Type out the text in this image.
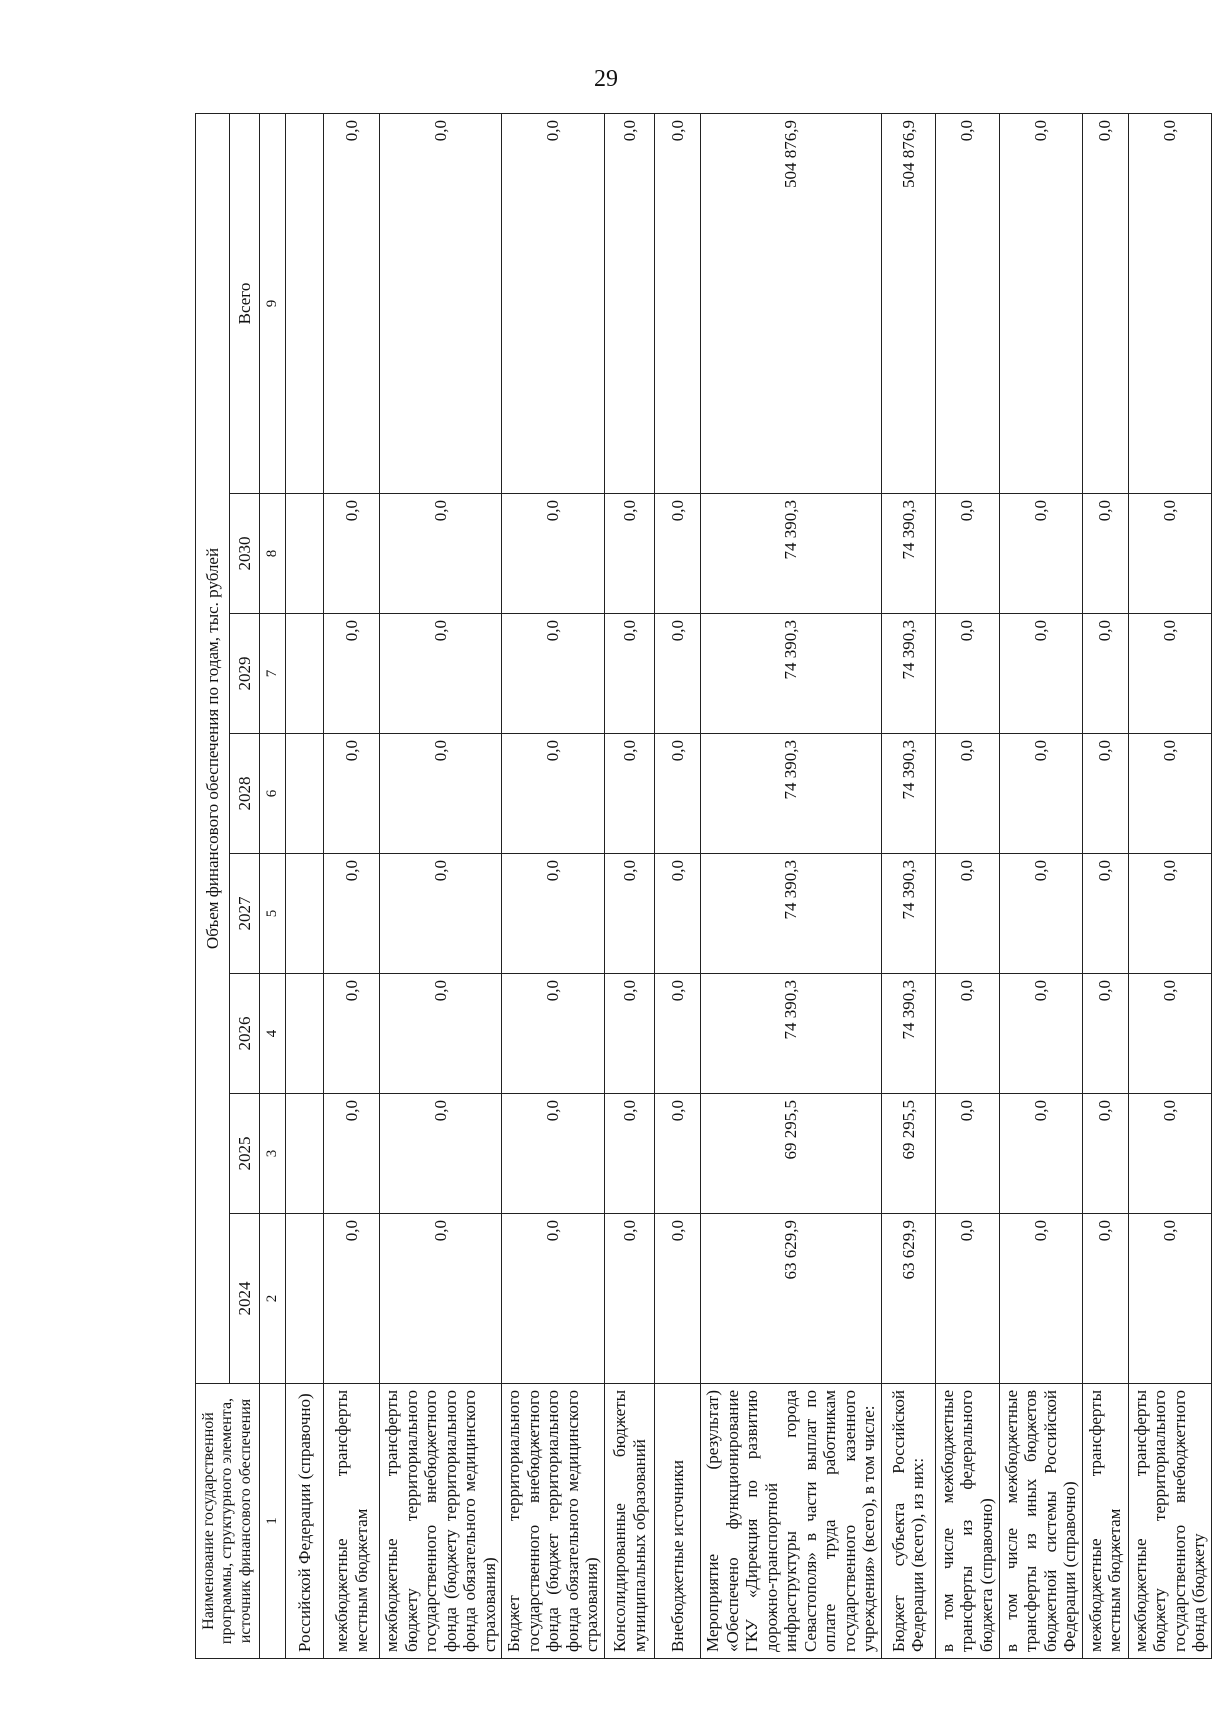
29
Наименование государственной программы, структурного элемента, источник финансового обеспечения	Объем финансового обеспечения по годам, тыс. рублей							
	2024	2025	2026	2027	2028	2029	2030	Всего
1	2	3	4	5	6	7	8	9
Российской Федерации (справочно)								
межбюджетные трансферты местным бюджетам	0,0	0,0	0,0	0,0	0,0	0,0	0,0	0,0
межбюджетные трансферты бюджету территориального государственного внебюджетного фонда (бюджету территориального фонда обязательного медицинского страхования)	0,0	0,0	0,0	0,0	0,0	0,0	0,0	0,0
Бюджет территориального государственного внебюджетного фонда (бюджет территориального фонда обязательного медицинского страхования)	0,0	0,0	0,0	0,0	0,0	0,0	0,0	0,0
Консолидированные бюджеты муниципальных образований	0,0	0,0	0,0	0,0	0,0	0,0	0,0	0,0
Внебюджетные источники	0,0	0,0	0,0	0,0	0,0	0,0	0,0	0,0
Мероприятие (результат) «Обеспечено функционирование ГКУ «Дирекция по развитию дорожно-транспортной инфраструктуры города Севастополя» в части выплат по оплате труда работникам государственного казенного учреждения» (всего), в том числе:	63 629,9	69 295,5	74 390,3	74 390,3	74 390,3	74 390,3	74 390,3	504 876,9
Бюджет субъекта Российской Федерации (всего), из них:	63 629,9	69 295,5	74 390,3	74 390,3	74 390,3	74 390,3	74 390,3	504 876,9
в том числе межбюджетные трансферты из федерального бюджета (справочно)	0,0	0,0	0,0	0,0	0,0	0,0	0,0	0,0
в том числе межбюджетные трансферты из иных бюджетов бюджетной системы Российской Федерации (справочно)	0,0	0,0	0,0	0,0	0,0	0,0	0,0	0,0
межбюджетные трансферты местным бюджетам	0,0	0,0	0,0	0,0	0,0	0,0	0,0	0,0
межбюджетные трансферты бюджету территориального государственного внебюджетного фонда (бюджету	0,0	0,0	0,0	0,0	0,0	0,0	0,0	0,0
